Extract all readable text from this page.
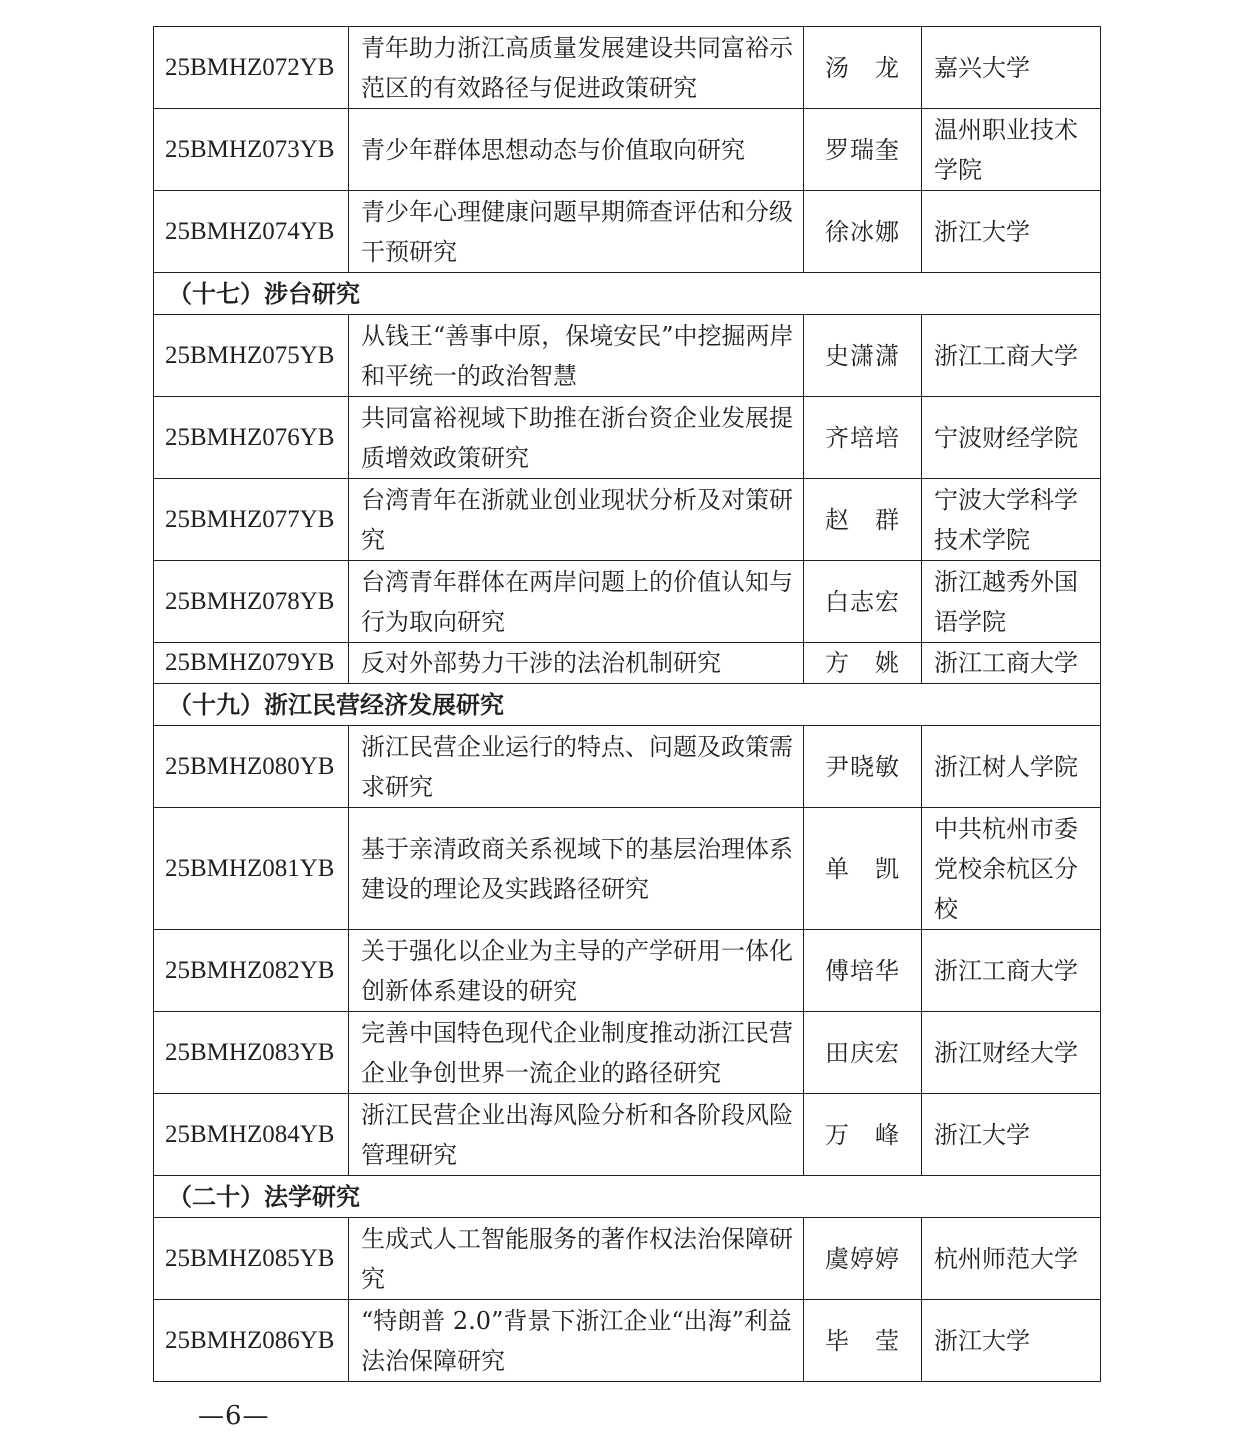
25BMHZ072YB	青年助力浙江高质量发展建设共同富裕示范区的有效路径与促进政策研究	汤　龙	嘉兴大学
25BMHZ073YB	青少年群体思想动态与价值取向研究	罗瑞奎	温州职业技术学院
25BMHZ074YB	青少年心理健康问题早期筛查评估和分级干预研究	徐冰娜	浙江大学
（十七）涉台研究			
25BMHZ075YB	从钱王“善事中原，保境安民”中挖掘两岸和平统一的政治智慧	史潇潇	浙江工商大学
25BMHZ076YB	共同富裕视域下助推在浙台资企业发展提质增效政策研究	齐培培	宁波财经学院
25BMHZ077YB	台湾青年在浙就业创业现状分析及对策研究	赵　群	宁波大学科学技术学院
25BMHZ078YB	台湾青年群体在两岸问题上的价值认知与行为取向研究	白志宏	浙江越秀外国语学院
25BMHZ079YB	反对外部势力干涉的法治机制研究	方　姚	浙江工商大学
（十九）浙江民营经济发展研究			
25BMHZ080YB	浙江民营企业运行的特点、问题及政策需求研究	尹晓敏	浙江树人学院
25BMHZ081YB	基于亲清政商关系视域下的基层治理体系建设的理论及实践路径研究	单　凯	中共杭州市委党校余杭区分校
25BMHZ082YB	关于强化以企业为主导的产学研用一体化创新体系建设的研究	傅培华	浙江工商大学
25BMHZ083YB	完善中国特色现代企业制度推动浙江民营企业争创世界一流企业的路径研究	田庆宏	浙江财经大学
25BMHZ084YB	浙江民营企业出海风险分析和各阶段风险管理研究	万　峰	浙江大学
（二十）法学研究			
25BMHZ085YB	生成式人工智能服务的著作权法治保障研究	虞婷婷	杭州师范大学
25BMHZ086YB	“特朗普 2.0”背景下浙江企业“出海”利益法治保障研究	毕　莹	浙江大学
—6—
